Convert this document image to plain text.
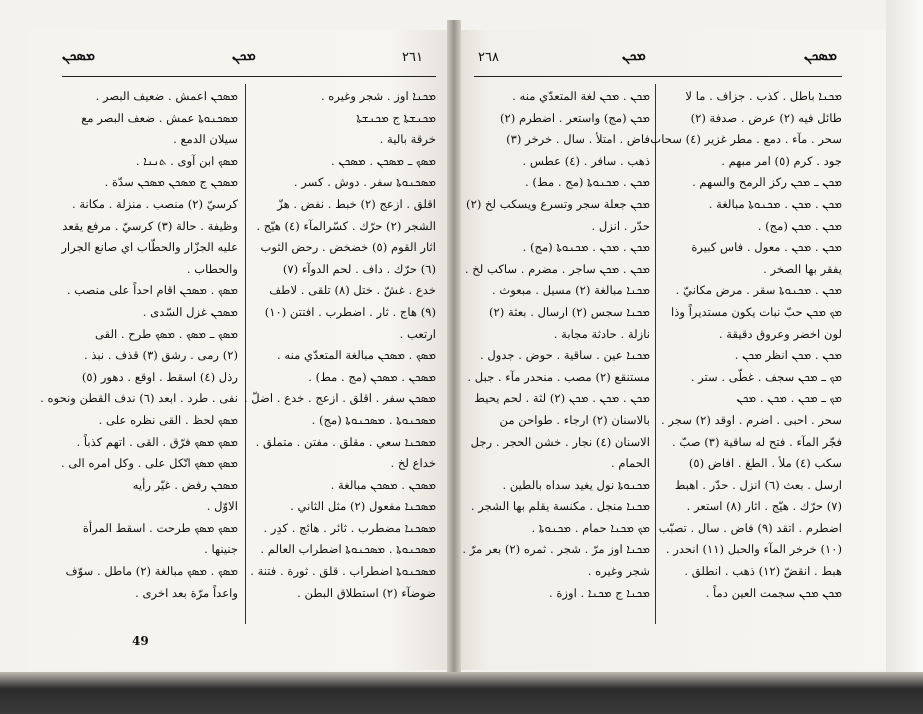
ܡܣܟܢ	ܡܟܢ	٢٦١	٢٦٨	ܡܟܢ	ܡܣܟܢ
ܡܣܟܢ اعمش . ضعيف البصر .
ܡܣܟܢܘܬܐ عمش . ضعف البصر مع
سيلان الدمع .
ܡܣܟ ابن آوى . ܬܢܢܐ .
ܡܣܟܢ ج ܡܣܟܢ ܡܣܟܢ سدّة .
كرسيّ (٢) منصب . منزلة . مكانة .
وظيفة . حالة (٣) كرسيّ . مرفع يقعد
عليه الجزّار والحطّاب اي صانع الجرار
والحطاب .
ܡܣܟ . ܡܣܟܢ اقام احداً على منصب .
ܡܣܟܢ غزل السّدى .
ܡܣܟ ـ ܡܣܟ . ܡܣܟ طرح . القى
(٢) رمى . رشق (٣) قذف . نبذ .
رذل (٤) اسقط . اوقع . دهور (٥)
نفى . طرد . ابعد (٦) ندف القطن ونحوه .
ܡܣܟ لحظ . القى نظره على .
ܡܣܟ ܡܣܟ فرّق . القى . اتهم كذباً .
ܡܣܟ ܡܣܟ اتّكل على . وكل امره الى .
ܡܣܟܢ رفض . غيّر رأيه
الاوّل .
ܡܣܟ ܡܣܟ طرحت . اسقط المرأة
جنينها .
ܡܣܟ . ܡܣܟ مبالغة (٢) ماطل . سوّف
واعداً مرّة بعد اخرى .
ܡܟܢܐ اوز . شجر وغيره .
ܡܟܢܫܬܐ ج ܡܟܢܫܬܐ
خرقة بالية .
ܡܣܟ ـ ܡܣܟܢ . ܡܣܟܢ .
ܡܣܟܢܘܬܐ سفر . دوش . كسر .
اقلق . ازعج (٢) خبط . نفض . هزّ
الشجر (٢) حرّك . كسّرالمآء (٤) هيّج .
اثار القوم (٥) خضخض . رحض الثوب
(٦) حرّك . داف . لحم الدوآء (٧)
خدع . غشّ . ختل (٨) تلقى . لاطف
(٩) هاج . ثار . اضطرب . افتتن (١٠)
ارتعب .
ܡܣܟ . ܡܣܟܢ مبالغة المتعدّي منه .
ܡܣܟܢ . ܡܣܟܢ (مج . مط) .
ܡܣܟܢ سفر . اقلق . ازعج . خدع . اضلّ .
ܡܣܟܢܘܬܐ . ܡܣܟܢܘܬܐ (مج) .
ܡܣܟܢܐ سعي . مقلق . مفتن . متملق .
خداع لخ .
ܡܣܟܢ . ܡܣܟܢ مبالغة .
ܡܣܟܢܐ مفعول (٢) مثل الثاني .
ܡܣܟܢܐ مضطرب . ثائر . هائج . كدِر .
ܡܣܟܢܘܬܐ . ܡܣܟܢܘܬܐ اضطراب العالم .
ܡܣܟܢܘܬܐ اضطراب . قلق . ثورة . فتنة .
ضوضآء (٢) استطلاق البطن .
ܡܟܢ . ܡܟܢ لغة المتعدّي منه .
ܡܟܢ (مج) واستعر . اضطرم (٢)
فاض . امتلأ . سال . خرخر (٣)
ذهب . سافر . (٤) عطس .
ܡܟܢ . ܡܟܢܘܬܐ (مج . مط) .
ܡܟܢ جعلة سجر وتسرع ويسكب لخ (٢)
حدّر . انزل .
ܡܟܢ . ܡܟܢ . ܡܟܢܘܬܐ (مج) .
ܡܟܢ . ܡܟܢ ساجر . مضرم . ساكب لخ .
ܡܟܢܐ مبالغة (٢) مسيل . مبعوث .
ܡܟܢܐ سجس (٢) ارسال . بعثة (٢)
نازلة . حادثة مجابة .
ܡܟܢܐ عين . ساقية . حوض . جدول .
مستنقع (٢) مصب . منحدر مآء . جبل .
ܡܟܢ . ܡܟܢ . ܡܟܢ (٢) لثة . لحم يحيط
بالاسنان (٢) ارجاء . طواحن من
الاسنان (٤) نجار . خشن الحجر . رجل
الحمام .
ܡܟܢܘܬܐ نول يغيد سداه بالطين .
ܡܟܢܐ منجل . مكنسة يقلم بها الشجر .
ܡܟ ܡܟܢܐ حمام . ܡܟܢܘܬܐ .
ܡܟܢܐ اوز مرّ . شجر . ثمره (٢) بعر مرّ .
شجر وغيره .
ܡܟܢܐ ج ܡܟܢܐ . اوزة .
ܡܟܢܐ باطل . كذب . جزاف . ما لا
طائل فيه (٢) عرض . صدفة (٢)
سحر . مآء . دمع . مطر غزير (٤) سحاب .
جود . كرم (٥) امر مبهم .
ܡܟܢ ـ ܡܟܢ ركز الرمح والسهم .
ܡܟܢ . ܡܟܢ . ܡܟܢܘܬܐ مبالغة .
ܡܟܢ . ܡܟܢ (مج) .
ܡܟܢ . ܡܟܢ . معول . فاس كبيرة
يفقر بها الصخر .
ܡܟܢ . ܡܟܢܘܬܐ سقر . مرض مكانيّ .
ܡܟ ܡܟܢ حبّ نبات يكون مستديراً وذا
لون اخضر وعروق دقيقة .
ܡܟܢ . ܡܟܢ انظر ܡܟܢ .
ܡܟ ـ ܡܟܢ سجف . غطّى . ستر .
ܡܟ ـ ܡܟܢ . ܡܟܢ . ܡܟܢ
سحر . احبى . اضرم . اوقد (٢) سجر .
فجّر المآء . فتح له ساقية (٣) صبّ .
سكب (٤) ملأ . الطغ . افاض (٥)
ارسل . بعث (٦) انزل . حدّر . اهبط
(٧) حرّك . هيّج . اثار (٨) استعر .
اضطرم . اتقد (٩) فاض . سال . تصبّب
(١٠) خرخر المآء والحبل (١١) انحدر .
هبط . انقضّ (١٢) ذهب . انطلق .
ܡܟܢ ܡܟܢ سجمت العين دماً .
49
